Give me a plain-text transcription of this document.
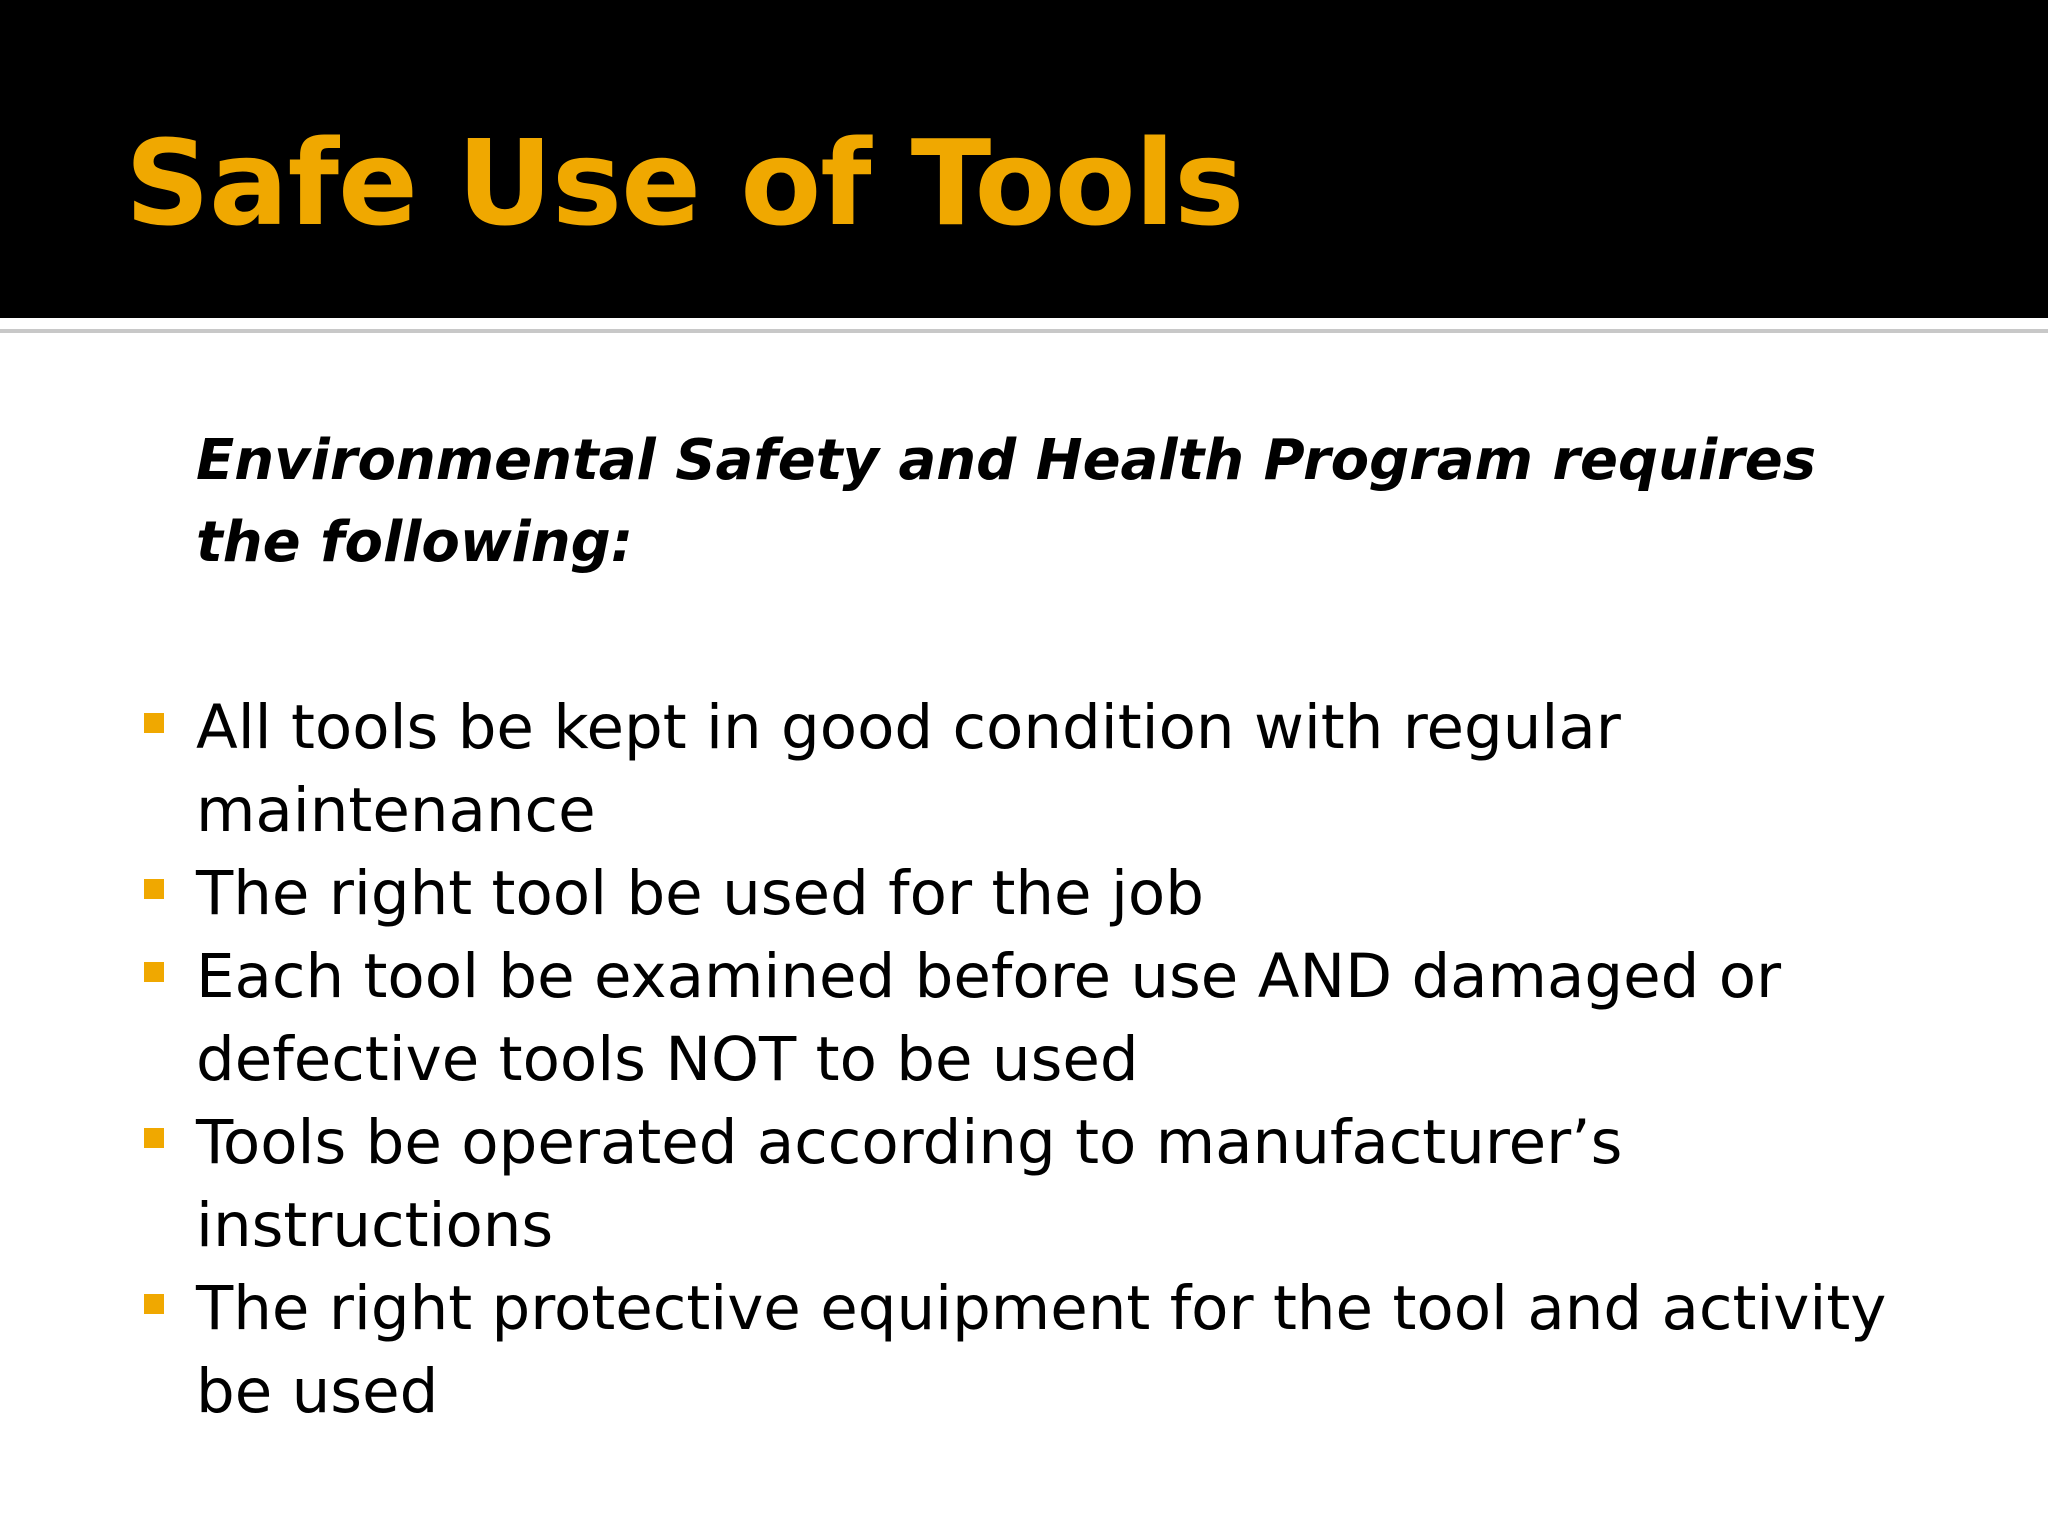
Safe Use of Tools

Environmental Safety and Health Program requires the following:

All tools be kept in good condition with regular maintenance
The right tool be used for the job
Each tool be examined before use AND damaged or defective tools NOT to be used
Tools be operated according to manufacturer’s instructions
The right protective equipment for the tool and activity be used
